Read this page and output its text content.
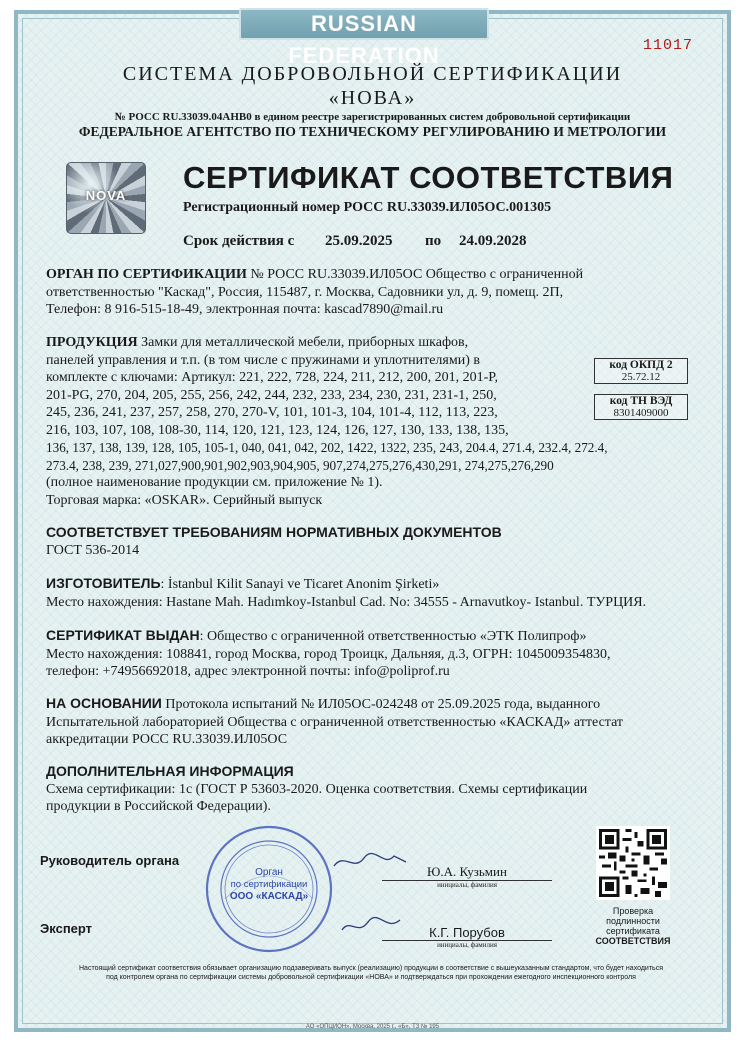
RUSSIAN FEDERATION	11017
СИСТЕМА ДОБРОВОЛЬНОЙ СЕРТИФИКАЦИИ
«НОВА»
№ РОСС RU.33039.04АНВ0 в едином реестре зарегистрированных систем добровольной сертификации
ФЕДЕРАЛЬНОЕ АГЕНТСТВО ПО ТЕХНИЧЕСКОМУ РЕГУЛИРОВАНИЮ И МЕТРОЛОГИИ
NOVA
СЕРТИФИКАТ СООТВЕТСТВИЯ
Регистрационный номер РОСС RU.33039.ИЛ05ОС.001305
Срок действия с 25.09.2025 по 24.09.2028
ОРГАН ПО СЕРТИФИКАЦИИ № РОСС RU.33039.ИЛ05ОС Общество с ограниченной
ответственностью "Каскад", Россия, 115487, г. Москва, Садовники ул, д. 9, помещ. 2П,
Телефон: 8 916-515-18-49, электронная почта: kascad7890@mail.ru
ПРОДУКЦИЯ Замки для металлической мебели, приборных шкафов,
панелей управления и т.п. (в том числе с пружинами и уплотнителями) в
комплекте с ключами: Артикул: 221, 222, 728, 224, 211, 212, 200, 201, 201-P,
201-PG, 270, 204, 205, 255, 256, 242, 244, 232, 233, 234, 230, 231, 231-1, 250,
245, 236, 241, 237, 257, 258, 270, 270-V, 101, 101-3, 104, 101-4, 112, 113, 223,
216, 103, 107, 108, 108-30, 114, 120, 121, 123, 124, 126, 127, 130, 133, 138, 135,
136, 137, 138, 139, 128, 105, 105-1, 040, 041, 042, 202, 1422, 1322, 235, 243, 204.4, 271.4, 232.4, 272.4,
273.4, 238, 239, 271,027,900,901,902,903,904,905, 907,274,275,276,430,291, 274,275,276,290
(полное наименование продукции см. приложение № 1).
Торговая марка: «OSKAR». Серийный выпуск
код ОКПД 2
25.72.12
код ТН ВЭД
8301409000
СООТВЕТСТВУЕТ ТРЕБОВАНИЯМ НОРМАТИВНЫХ ДОКУМЕНТОВ
ГОСТ 536-2014
ИЗГОТОВИТЕЛЬ: İstanbul Kilit Sanayi ve Ticaret Anonim Şirketi»
Место нахождения: Hastane Mah. Hadımkoy-Istanbul Cad. No: 34555 - Arnavutkoy- Istanbul. ТУРЦИЯ.
СЕРТИФИКАТ ВЫДАН: Общество с ограниченной ответственностью «ЭТК Полипроф»
Место нахождения: 108841, город Москва, город Троицк, Дальняя, д.3, ОГРН: 1045009354830,
телефон: +74956692018, адрес электронной почты: info@poliprof.ru
НА ОСНОВАНИИ Протокола испытаний № ИЛ05ОС-024248 от 25.09.2025 года, выданного
Испытательной лабораторией Общества с ограниченной ответственностью «КАСКАД» аттестат
аккредитации РОСС RU.33039.ИЛ05ОС
ДОПОЛНИТЕЛЬНАЯ ИНФОРМАЦИЯ
Схема сертификации: 1с (ГОСТ Р 53603-2020. Оценка соответствия. Схемы сертификации
продукции в Российской Федерации).
Руководитель органа
Ю.А. Кузьмин
инициалы, фамилия
Эксперт	К.Г. Порубов
инициалы, фамилия
Орган
по сертификации
ООО «КАСКАД»
Проверка
подлинности
сертификата
СООТВЕТСТВИЯ
Настоящий сертификат соответствия обязывает организацию подзаверивать выпуск (реализацию) продукции в соответствие с вышеуказанным стандартом, что будет находиться
под контролем органа по сертификации системы добровольной сертификации «НОВА» и подтверждаться при прохождении ежегодного инспекционного контроля
АО «ОПЦИОН», Москва, 2025 г., «Б», ТЗ № 195
